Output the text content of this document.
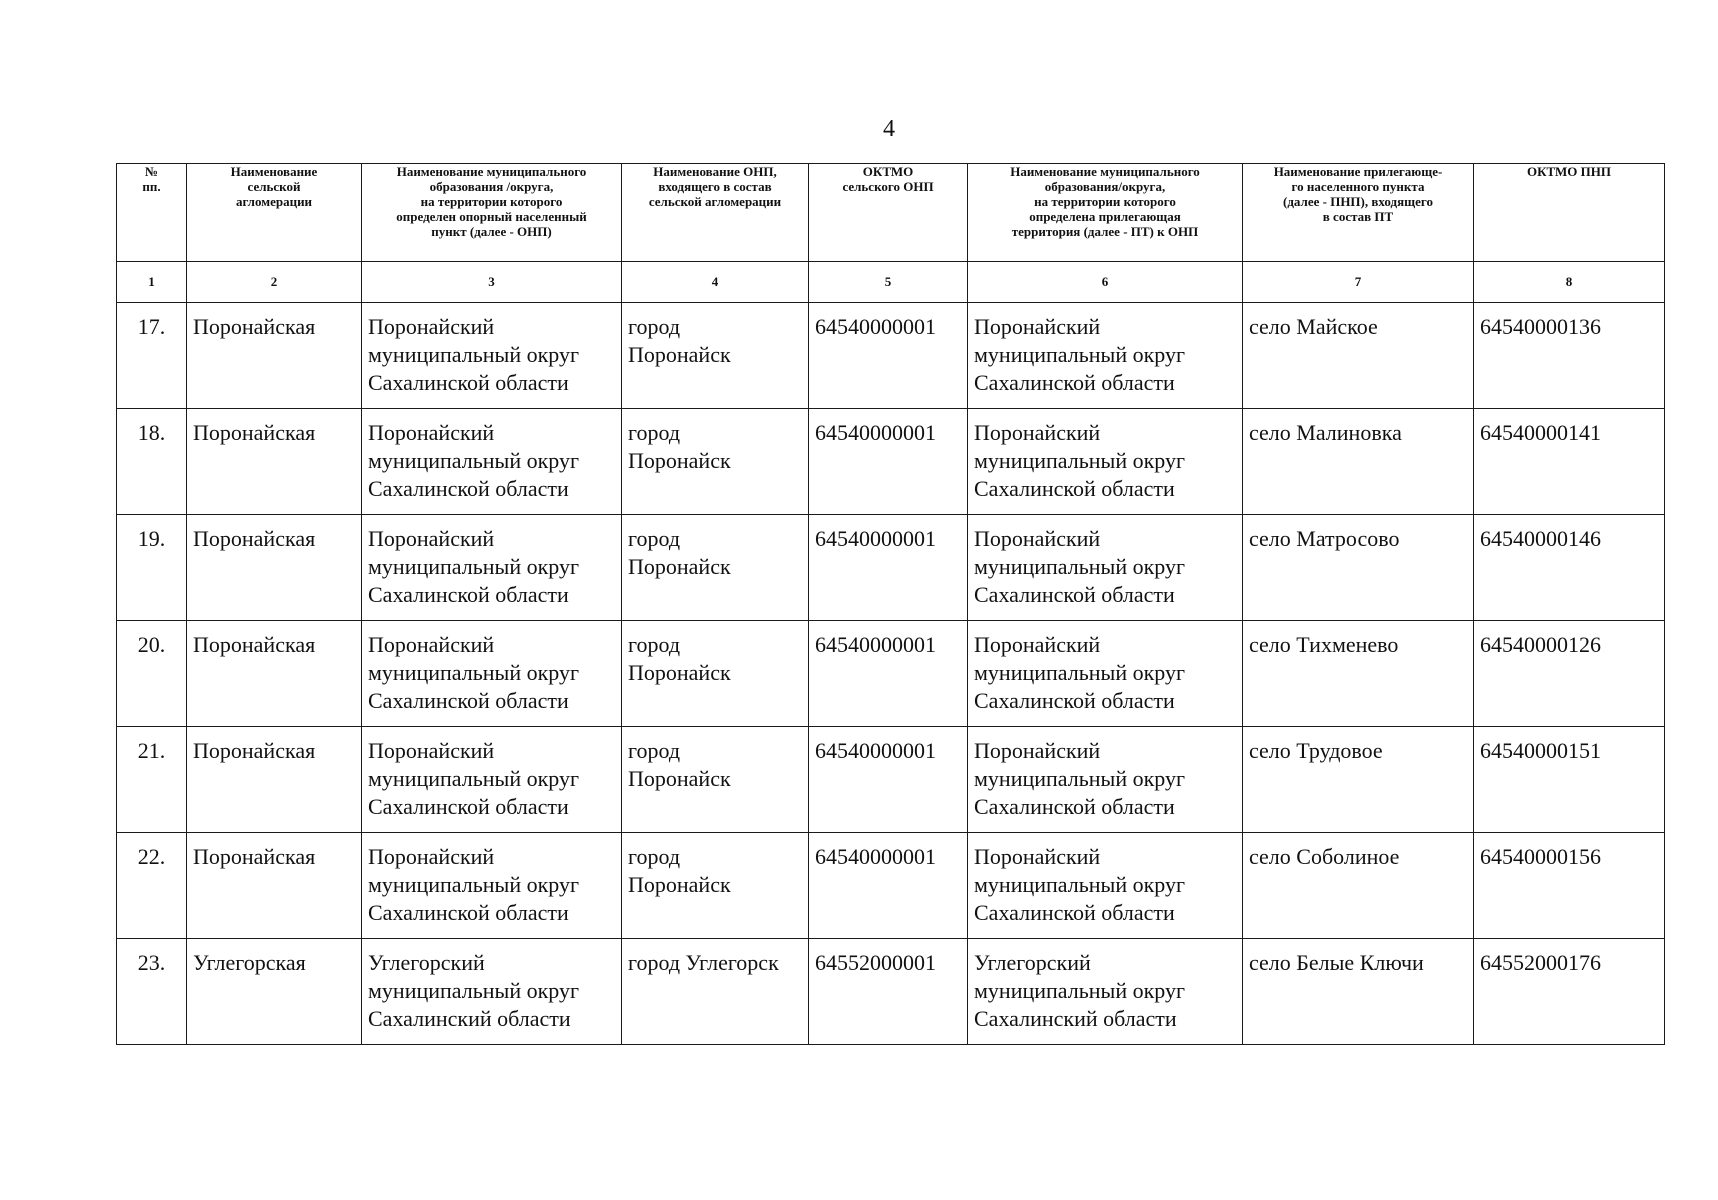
4
№
пп.	Наименование
сельской
агломерации	Наименование муниципального
образования /округа,
на территории которого
определен опорный населенный
пункт (далее - ОНП)	Наименование ОНП,
входящего в состав
сельской агломерации	ОКТМО
сельского ОНП	Наименование муниципального
образования/округа,
на территории которого
определена прилегающая
территория (далее - ПТ) к ОНП	Наименование прилегающе-
го населенного пункта
(далее - ПНП), входящего
в состав ПТ	ОКТМО ПНП

1	2	3	4	5	6	7	8
17.	Поронайская	Поронайский
муниципальный округ
Сахалинской области	город
Поронайск	64540000001	Поронайский
муниципальный округ
Сахалинской области	село Майское	64540000136
18.	Поронайская	Поронайский
муниципальный округ
Сахалинской области	город
Поронайск	64540000001	Поронайский
муниципальный округ
Сахалинской области	село Малиновка	64540000141
19.	Поронайская	Поронайский
муниципальный округ
Сахалинской области	город
Поронайск	64540000001	Поронайский
муниципальный округ
Сахалинской области	село Матросово	64540000146
20.	Поронайская	Поронайский
муниципальный округ
Сахалинской области	город
Поронайск	64540000001	Поронайский
муниципальный округ
Сахалинской области	село Тихменево	64540000126
21.	Поронайская	Поронайский
муниципальный округ
Сахалинской области	город
Поронайск	64540000001	Поронайский
муниципальный округ
Сахалинской области	село Трудовое	64540000151
22.	Поронайская	Поронайский
муниципальный округ
Сахалинской области	город
Поронайск	64540000001	Поронайский
муниципальный округ
Сахалинской области	село Соболиное	64540000156
23.	Углегорская	Углегорский
муниципальный округ
Сахалинский области	город Углегорск	64552000001	Углегорский
муниципальный округ
Сахалинский области	село Белые Ключи	64552000176
